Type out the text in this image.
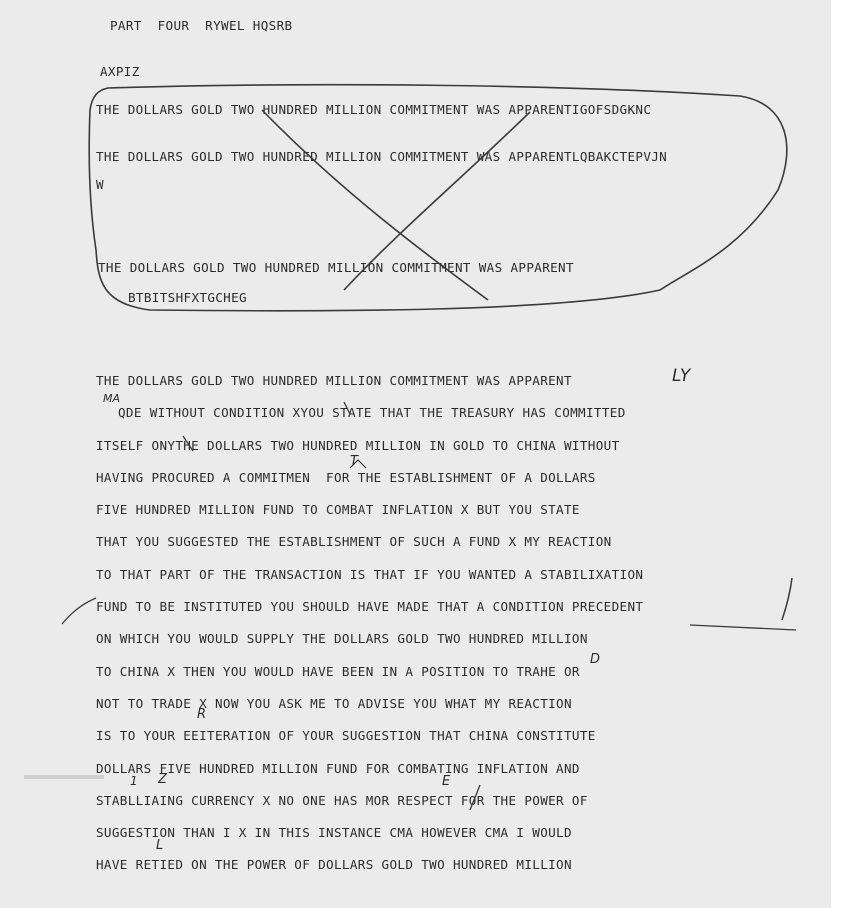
PART  FOUR  RYWEL HQSRB
AXPIZ
THE DOLLARS GOLD TWO HUNDRED MILLION COMMITMENT WAS APPARENTIGOFSDGKNC
THE DOLLARS GOLD TWO HUNDRED MILLION COMMITMENT WAS APPARENTLQBAKCTEPVJN
W
THE DOLLARS GOLD TWO HUNDRED MILLION COMMITMENT WAS APPARENT
BTBITSHFXTGCHEG
THE DOLLARS GOLD TWO HUNDRED MILLION COMMITMENT WAS APPARENT
QDE WITHOUT CONDITION XYOU STATE THAT THE TREASURY HAS COMMITTED
ITSELF ONYTHE DOLLARS TWO HUNDRED MILLION IN GOLD TO CHINA WITHOUT
HAVING PROCURED A COMMITMEN  FOR THE ESTABLISHMENT OF A DOLLARS
FIVE HUNDRED MILLION FUND TO COMBAT INFLATION X BUT YOU STATE
THAT YOU SUGGESTED THE ESTABLISHMENT OF SUCH A FUND X MY REACTION
TO THAT PART OF THE TRANSACTION IS THAT IF YOU WANTED A STABILIXATION
FUND TO BE INSTITUTED YOU SHOULD HAVE MADE THAT A CONDITION PRECEDENT
ON WHICH YOU WOULD SUPPLY THE DOLLARS GOLD TWO HUNDRED MILLION
TO CHINA X THEN YOU WOULD HAVE BEEN IN A POSITION TO TRAHE OR
NOT TO TRADE X NOW YOU ASK ME TO ADVISE YOU WHAT MY REACTION
IS TO YOUR EEITERATION OF YOUR SUGGESTION THAT CHINA CONSTITUTE
DOLLARS FIVE HUNDRED MILLION FUND FOR COMBATING INFLATION AND
STABLLIAING CURRENCY X NO ONE HAS MOR RESPECT FOR THE POWER OF
SUGGESTION THAN I X IN THIS INSTANCE CMA HOWEVER CMA I WOULD
HAVE RETIED ON THE POWER OF DOLLARS GOLD TWO HUNDRED MILLION
LY
MA
T
D
R
1 Z	E
L
